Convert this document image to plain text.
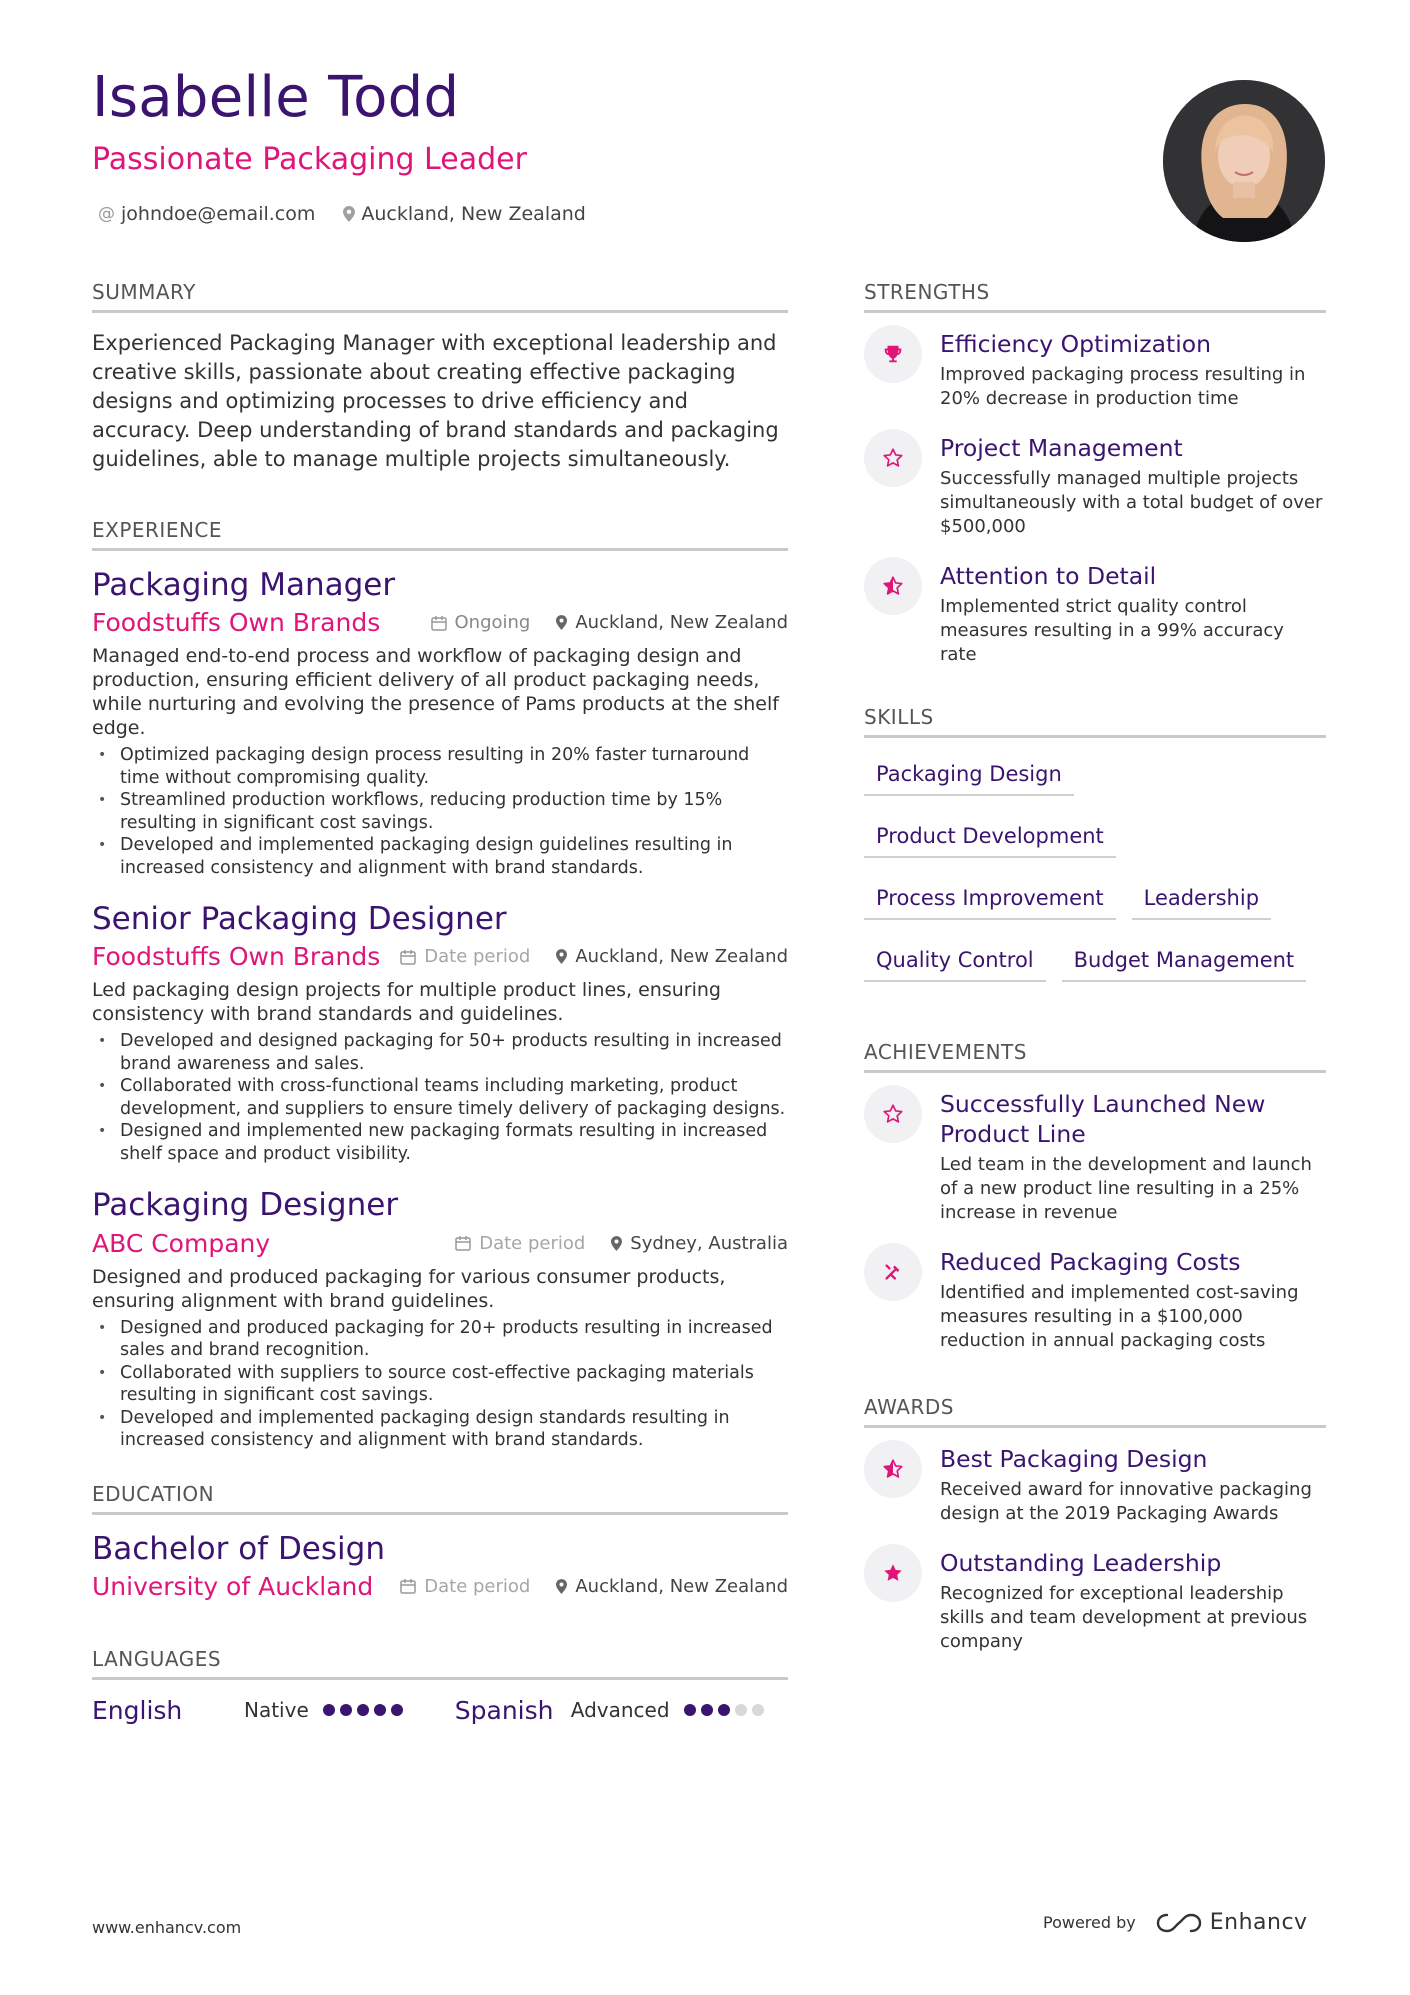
Isabelle Todd
Passionate Packaging Leader
@ johndoe@email.com Auckland, New Zealand
SUMMARY

Experienced Packaging Manager with exceptional leadership and creative skills, passionate about creating effective packaging designs and optimizing processes to drive efficiency and accuracy. Deep understanding of brand standards and packaging guidelines, able to manage multiple projects simultaneously.

EXPERIENCE
Packaging Manager
Foodstuffs Own Brands	Ongoing	Auckland, New Zealand
Managed end-to-end process and workflow of packaging design and production, ensuring efficient delivery of all product packaging needs, while nurturing and evolving the presence of Pams products at the shelf edge.
• Optimized packaging design process resulting in 20% faster turnaround time without compromising quality.
• Streamlined production workflows, reducing production time by 15% resulting in significant cost savings.
• Developed and implemented packaging design guidelines resulting in increased consistency and alignment with brand standards.
Senior Packaging Designer
Foodstuffs Own Brands Date period	Auckland, New Zealand
Led packaging design projects for multiple product lines, ensuring consistency with brand standards and guidelines.
• Developed and designed packaging for 50+ products resulting in increased brand awareness and sales.
• Collaborated with cross-functional teams including marketing, product development, and suppliers to ensure timely delivery of packaging designs.
• Designed and implemented new packaging formats resulting in increased shelf space and product visibility.
Packaging Designer
ABC Company	Date period	Sydney, Australia
Designed and produced packaging for various consumer products, ensuring alignment with brand guidelines.
• Designed and produced packaging for 20+ products resulting in increased sales and brand recognition.
• Collaborated with suppliers to source cost-effective packaging materials resulting in significant cost savings.
• Developed and implemented packaging design standards resulting in increased consistency and alignment with brand standards.
EDUCATION
Bachelor of Design
University of Auckland	Date period	Auckland, New Zealand
LANGUAGES
English	Native	Spanish Advanced
STRENGTHS
Efficiency Optimization
Improved packaging process resulting in 20% decrease in production time
Project Management
Successfully managed multiple projects simultaneously with a total budget of over $500,000
Attention to Detail
Implemented strict quality control measures resulting in a 99% accuracy rate
SKILLS
Packaging Design
Product Development
Process Improvement	Leadership
Quality Control	Budget Management
ACHIEVEMENTS
Successfully Launched New Product Line
Led team in the development and launch of a new product line resulting in a 25% increase in revenue
Reduced Packaging Costs
Identified and implemented cost-saving measures resulting in a $100,000 reduction in annual packaging costs
AWARDS
Best Packaging Design
Received award for innovative packaging design at the 2019 Packaging Awards
Outstanding Leadership
Recognized for exceptional leadership skills and team development at previous company
www.enhancv.com	Powered by	Enhancv
